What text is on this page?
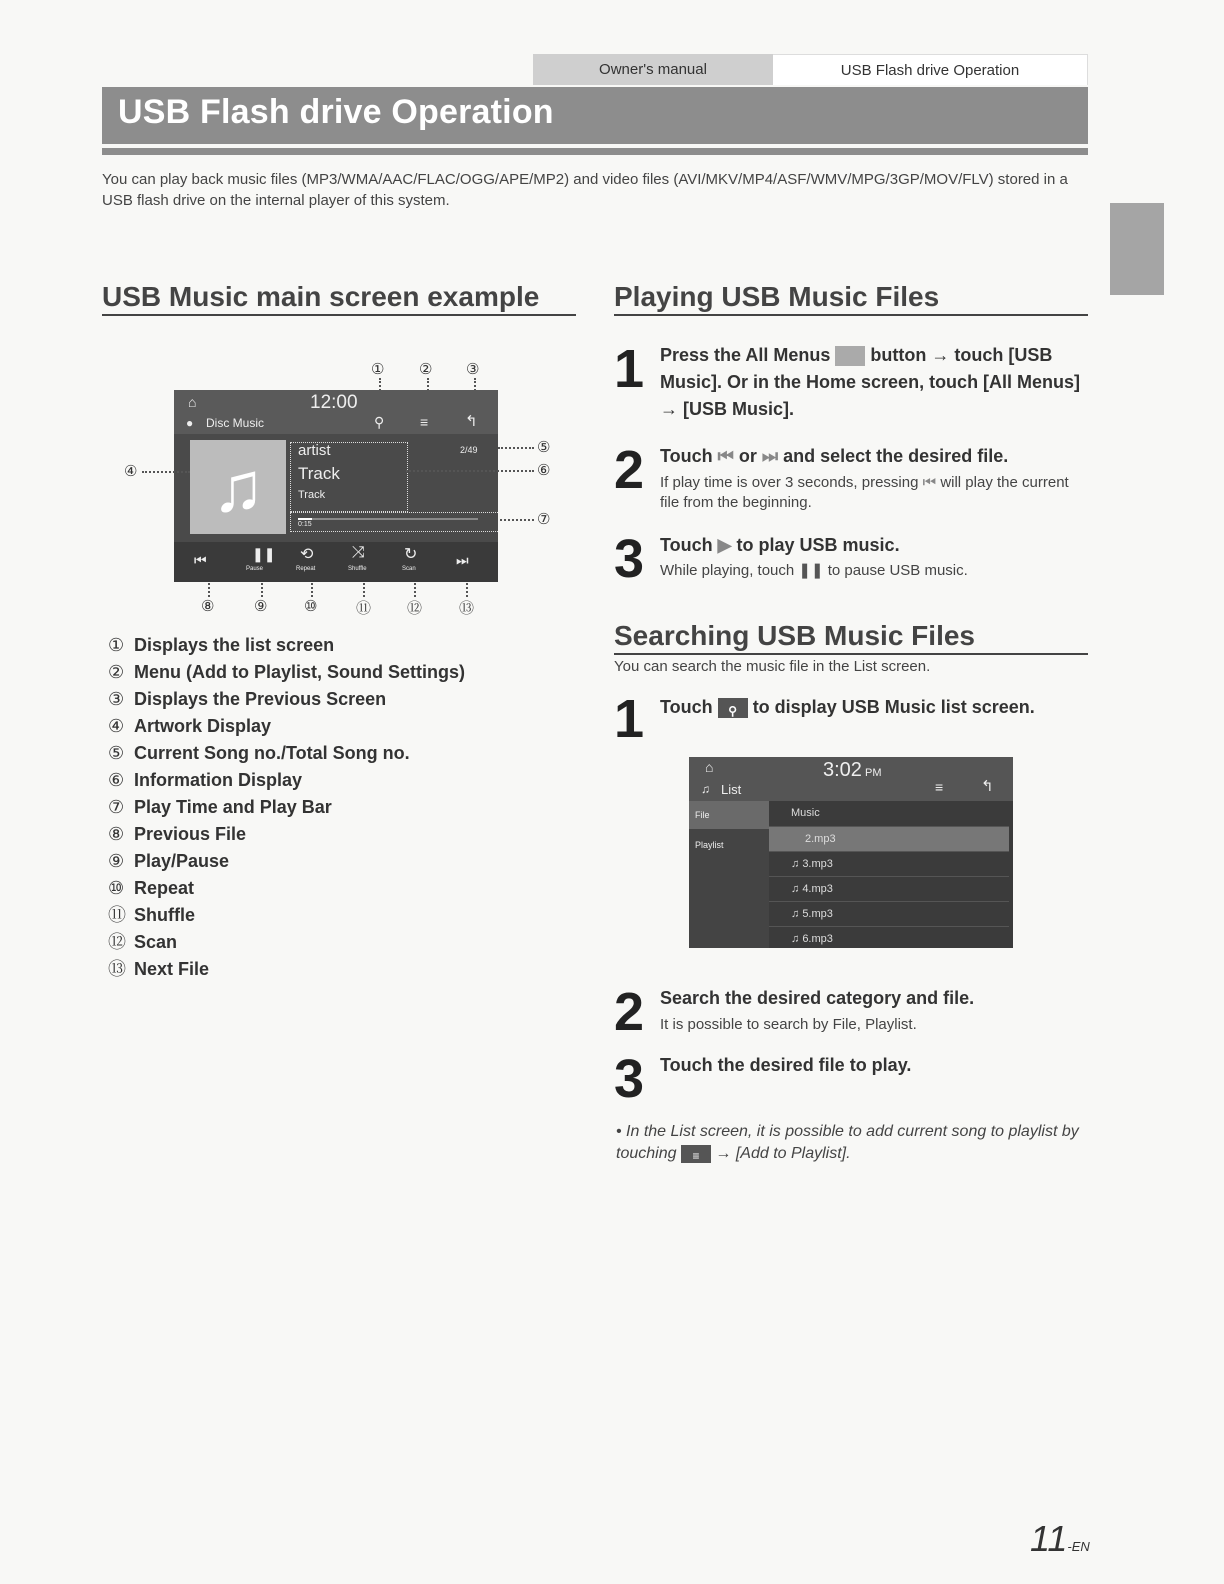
Owner's manual	USB Flash drive Operation
USB Flash drive Operation
You can play back music files (MP3/WMA/AAC/FLAC/OGG/APE/MP2) and video files (AVI/MKV/MP4/ASF/WMV/MPG/3GP/MOV/FLV) stored in a USB flash drive on the internal player of this system.
USB Music main screen example	Playing USB Music Files
Searching USB Music Files
① ② ③
⌂	12:00
● Disc Music	⚲	≡ ↰
♫	artist
Track
Track
2/49
0:15
⏮	❚❚
Pause
⟲
Repeat
⤨
Shuffle
↻
Scan
⏭
⑤
⑥
⑦
④
⑧	⑨ ⑩	⑪ ⑫ ⑬
① Displays the list screen
② Menu (Add to Playlist, Sound Settings)
③ Displays the Previous Screen
④ Artwork Display
⑤ Current Song no./Total Song no.
⑥ Information Display
⑦ Play Time and Play Bar
⑧ Previous File
⑨ Play/Pause
⑩ Repeat
⑪ Shuffle
⑫ Scan
⑬ Next File
1 Press the All Menus button → touch [USB Music]. Or in the Home screen, touch [All Menus] → [USB Music].
2 Touch ⏮ or ⏭ and select the desired file.
If play time is over 3 seconds, pressing ⏮ will play the current file from the beginning.
3 Touch ▶ to play USB music.
While playing, touch ❚❚ to pause USB music.
You can search the music file in the List screen.
1 Touch ⚲ to display USB Music list screen.
⌂	3:02 PM
♫ List	≡	↰
File
Playlist
Music
2.mp3
♫ 3.mp3
♫ 4.mp3
♫ 5.mp3
♫ 6.mp3
2 Search the desired category and file.
It is possible to search by File, Playlist.
3 Touch the desired file to play.
• In the List screen, it is possible to add current song to playlist by touching ≡ → [Add to Playlist].
11-EN
